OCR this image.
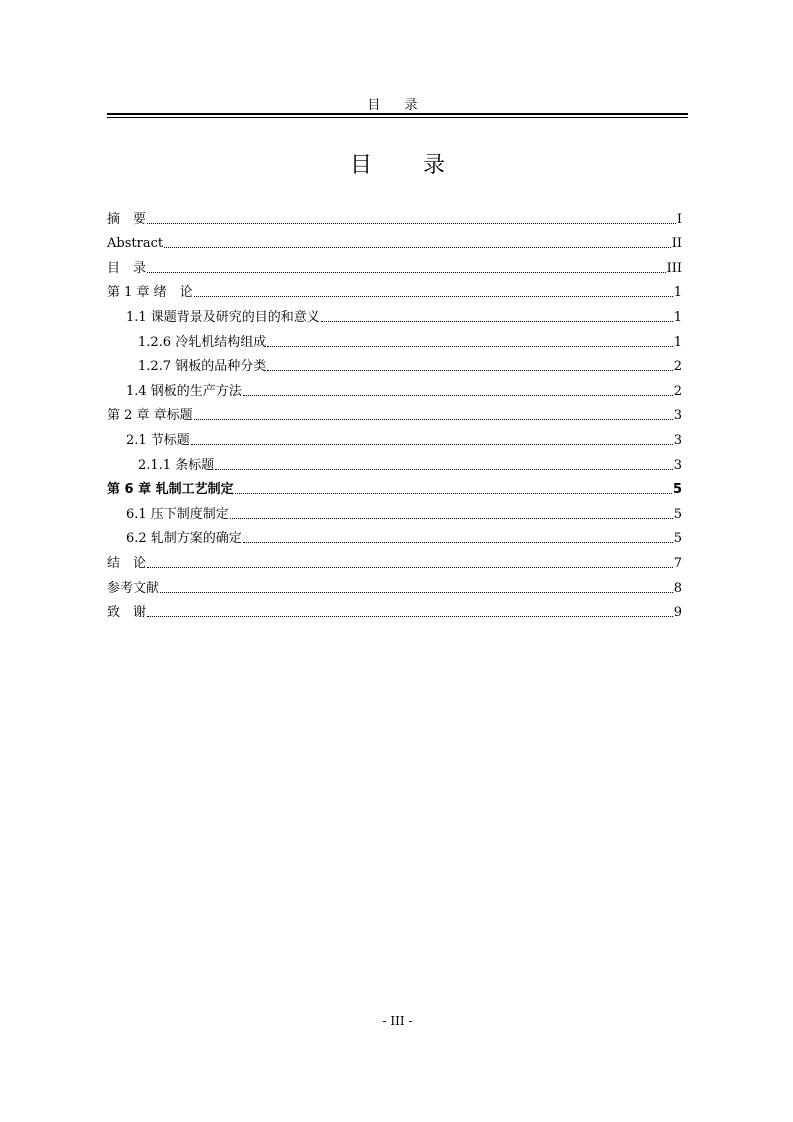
目 录
目 录
摘　要	I
Abstract	II
目　录	III
第 1 章 绪　论	1
1.1 课题背景及研究的目的和意义	1
1.2.6 冷轧机结构组成	1
1.2.7 钢板的品种分类	2
1.4 钢板的生产方法	2
第 2 章 章标题	3
2.1 节标题	3
2.1.1 条标题	3
第 6 章 轧制工艺制定	5
6.1 压下制度制定	5
6.2 轧制方案的确定	5
结　论	7
参考文献	8
致　谢	9
- III -
